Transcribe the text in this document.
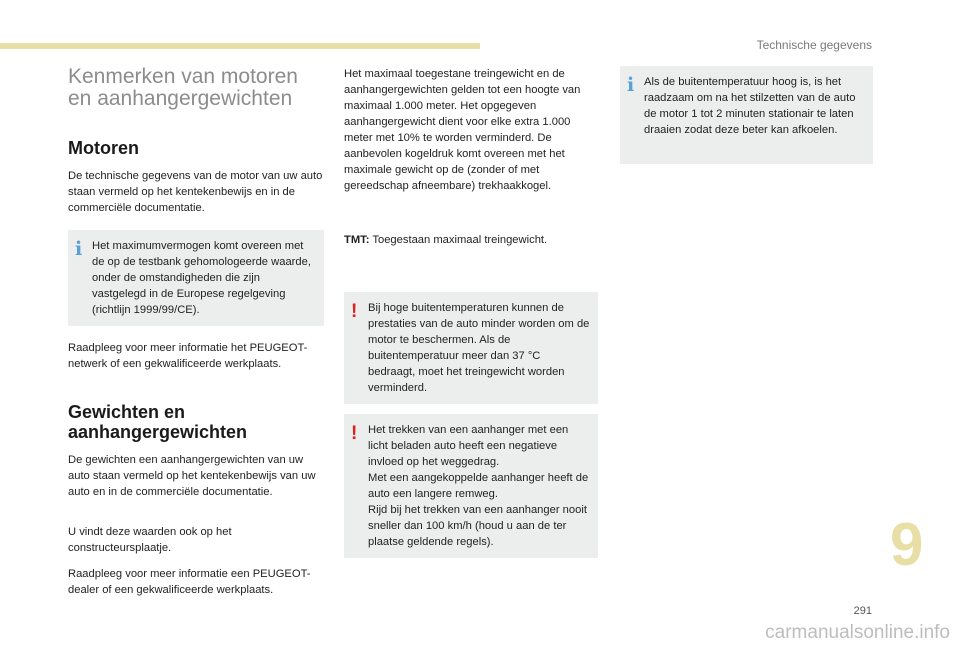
Technische gegevens
Kenmerken van motoren
en aanhangergewichten
Motoren

De technische gegevens van de motor van uw auto staan vermeld op het kentekenbewijs en in de commerciële documentatie.

i Het maximumvermogen komt overeen met de op de testbank gehomologeerde waarde, onder de omstandigheden die zijn vastgelegd in de Europese regelgeving (richtlijn 1999/99/CE).

Raadpleeg voor meer informatie het PEUGEOT-netwerk of een gekwalificeerde werkplaats.

Gewichten en
aanhangergewichten

De gewichten een aanhangergewichten van uw auto staan vermeld op het kentekenbewijs van uw auto en in de commerciële documentatie.

U vindt deze waarden ook op het constructeursplaatje.

Raadpleeg voor meer informatie een PEUGEOT-dealer of een gekwalificeerde werkplaats.

Het maximaal toegestane treingewicht en de aanhangergewichten gelden tot een hoogte van maximaal 1.000 meter. Het opgegeven aanhangergewicht dient voor elke extra 1.000 meter met 10% te worden verminderd. De aanbevolen kogeldruk komt overeen met het maximale gewicht op de (zonder of met gereedschap afneembare) trekhaakkogel.

TMT: Toegestaan maximaal treingewicht.

! Bij hoge buitentemperaturen kunnen de prestaties van de auto minder worden om de motor te beschermen. Als de buitentemperatuur meer dan 37 °C bedraagt, moet het treingewicht worden verminderd.
! Het trekken van een aanhanger met een licht beladen auto heeft een negatieve invloed op het weggedrag.
Met een aangekoppelde aanhanger heeft de auto een langere remweg.
Rijd bij het trekken van een aanhanger nooit sneller dan 100 km/h (houd u aan de ter plaatse geldende regels).
i Als de buitentemperatuur hoog is, is het raadzaam om na het stilzetten van de auto de motor 1 tot 2 minuten stationair te laten draaien zodat deze beter kan afkoelen.
9
291
carmanualsonline.info
